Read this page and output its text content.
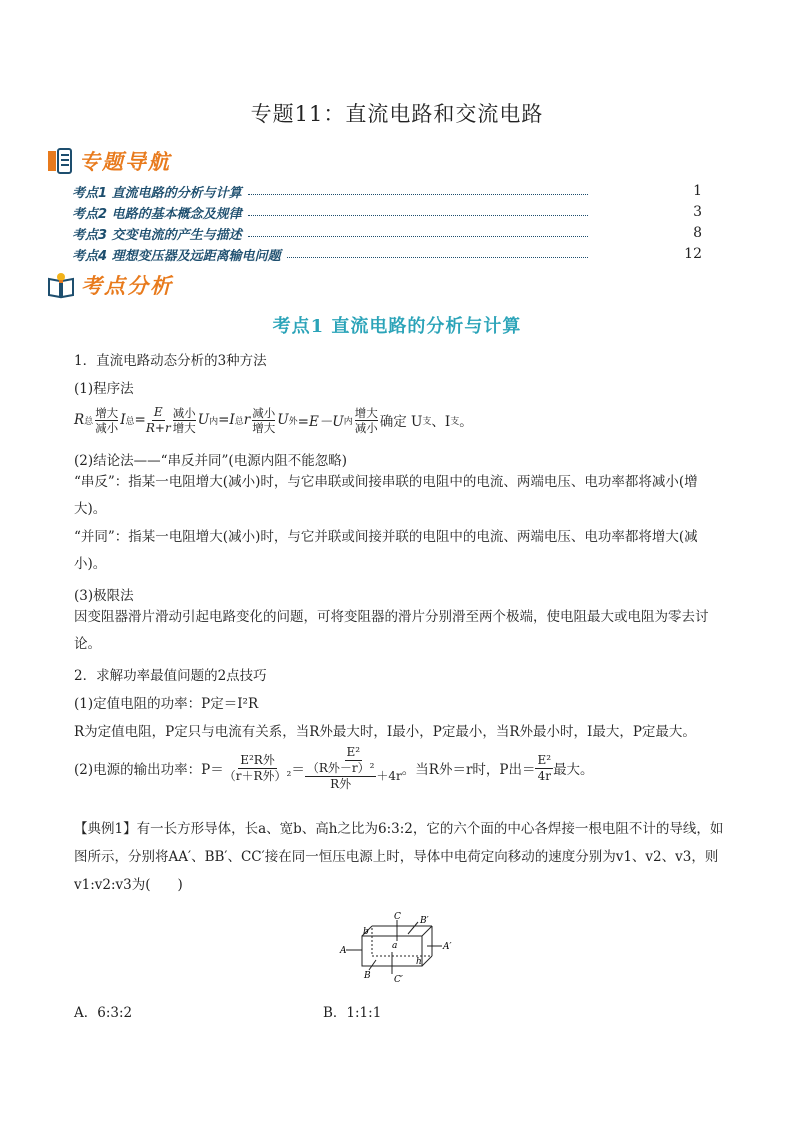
专题11：直流电路和交流电路
专题导航
考点1 直流电路的分析与计算	1
考点2 电路的基本概念及规律	3
考点3 交变电流的产生与描述	8
考点4 理想变压器及远距离输电问题	12
考点分析
考点1 直流电路的分析与计算
1．直流电路动态分析的3种方法
(1)程序法
R 总
增大
减小 I 总 = $\frac{E}{R+r}$ 减小
增大 U 内 =I 总 r 减小
增大 U 外 =E－U 内
增大
减小 确定 U 支 、I 支 。
(2)结论法——“串反并同”(电源内阻不能忽略)
“串反”：指某一电阻增大(减小)时，与它串联或间接串联的电阻中的电流、两端电压、电功率都将减小(增大)。
“并同”：指某一电阻增大(减小)时，与它并联或间接并联的电阻中的电流、两端电压、电功率都将增大(减小)。
(3)极限法
因变阻器滑片滑动引起电路变化的问题，可将变阻器的滑片分别滑至两个极端，使电阻最大或电阻为零去讨论。
2．求解功率最值问题的2点技巧
(1)定值电阻的功率：P定＝I²R
R为定值电阻，P定只与电流有关系，当R外最大时，I最小，P定最小，当R外最小时，I最大，P定最大。
(2)电源的输出功率：$P= \frac{\text{E²R外}}{\text{（r＋R外）²}} = \frac{\text{E²}}{\frac{\text{（R外－r）²}}{\text{R外}} +4r}$ 。当R外＝r时，P出＝ $\frac{\text{E²}}{4r}$ 最大。
【典例1】有一长方形导体，长a、宽b、高h之比为6:3:2，它的六个面的中心各焊接一根电阻不计的导线，如图所示，分别将AA′、BB′、CC′接在同一恒压电源上时，导体中电荷定向移动的速度分别为v1、v2、v3，则v1:v2:v3为(　　)
A	A′
B
B′
C
C′
a
b
h
A．6:3:2	B．1:1:1
